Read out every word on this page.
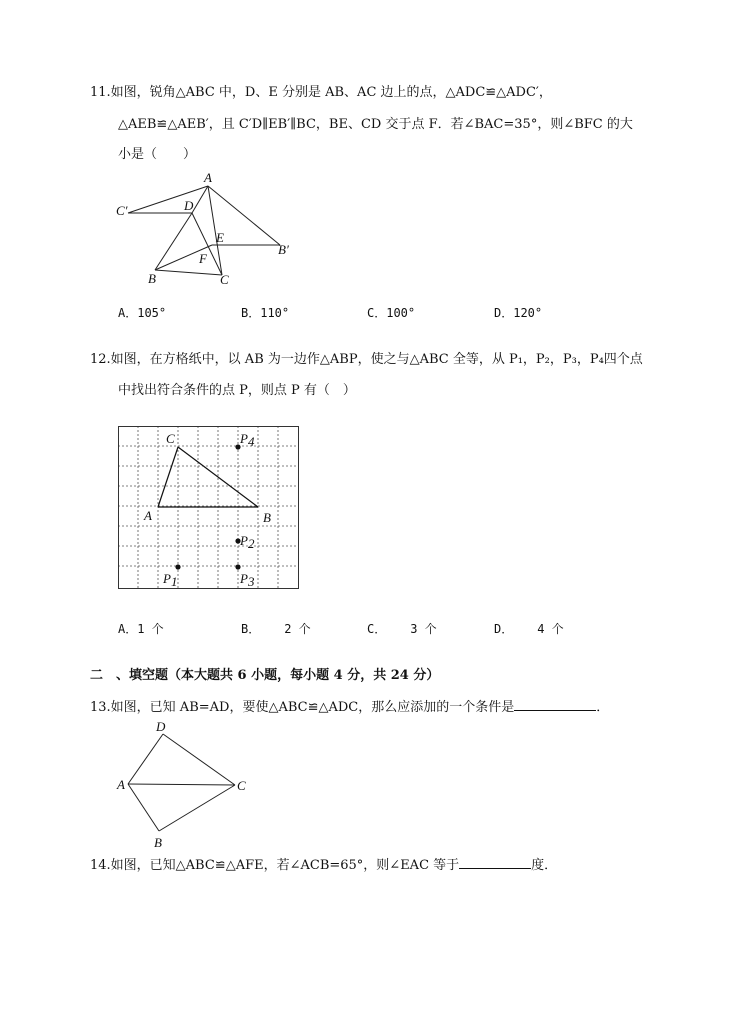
11.如图，锐角△ABC 中，D、E 分别是 AB、AC 边上的点，△ADC≌△ADC′，
△AEB≌△AEB′，且 C′D∥EB′∥BC，BE、CD 交于点 F．若∠BAC=35°，则∠BFC 的大
小是（　　）
A
C′	D
E
B′
F
B	C
A．105°	B．110°	C．100°	D．120°
12.如图，在方格纸中，以 AB 为一边作△ABP，使之与△ABC 全等，从 P₁，P₂，P₃，P₄四个点
中找出符合条件的点 P，则点 P 有（　）
C
A	B
P4
P2
P1	P3
A．1 个	B． 2 个	C． 3 个	D． 4 个
二　、填空题（本大题共 6 小题，每小题 4 分，共 24 分）
13.如图，已知 AB=AD，要使△ABC≌△ADC，那么应添加的一个条件是	．
D
A	C
B
14.如图，已知△ABC≌△AFE，若∠ACB=65°，则∠EAC 等于	度．
